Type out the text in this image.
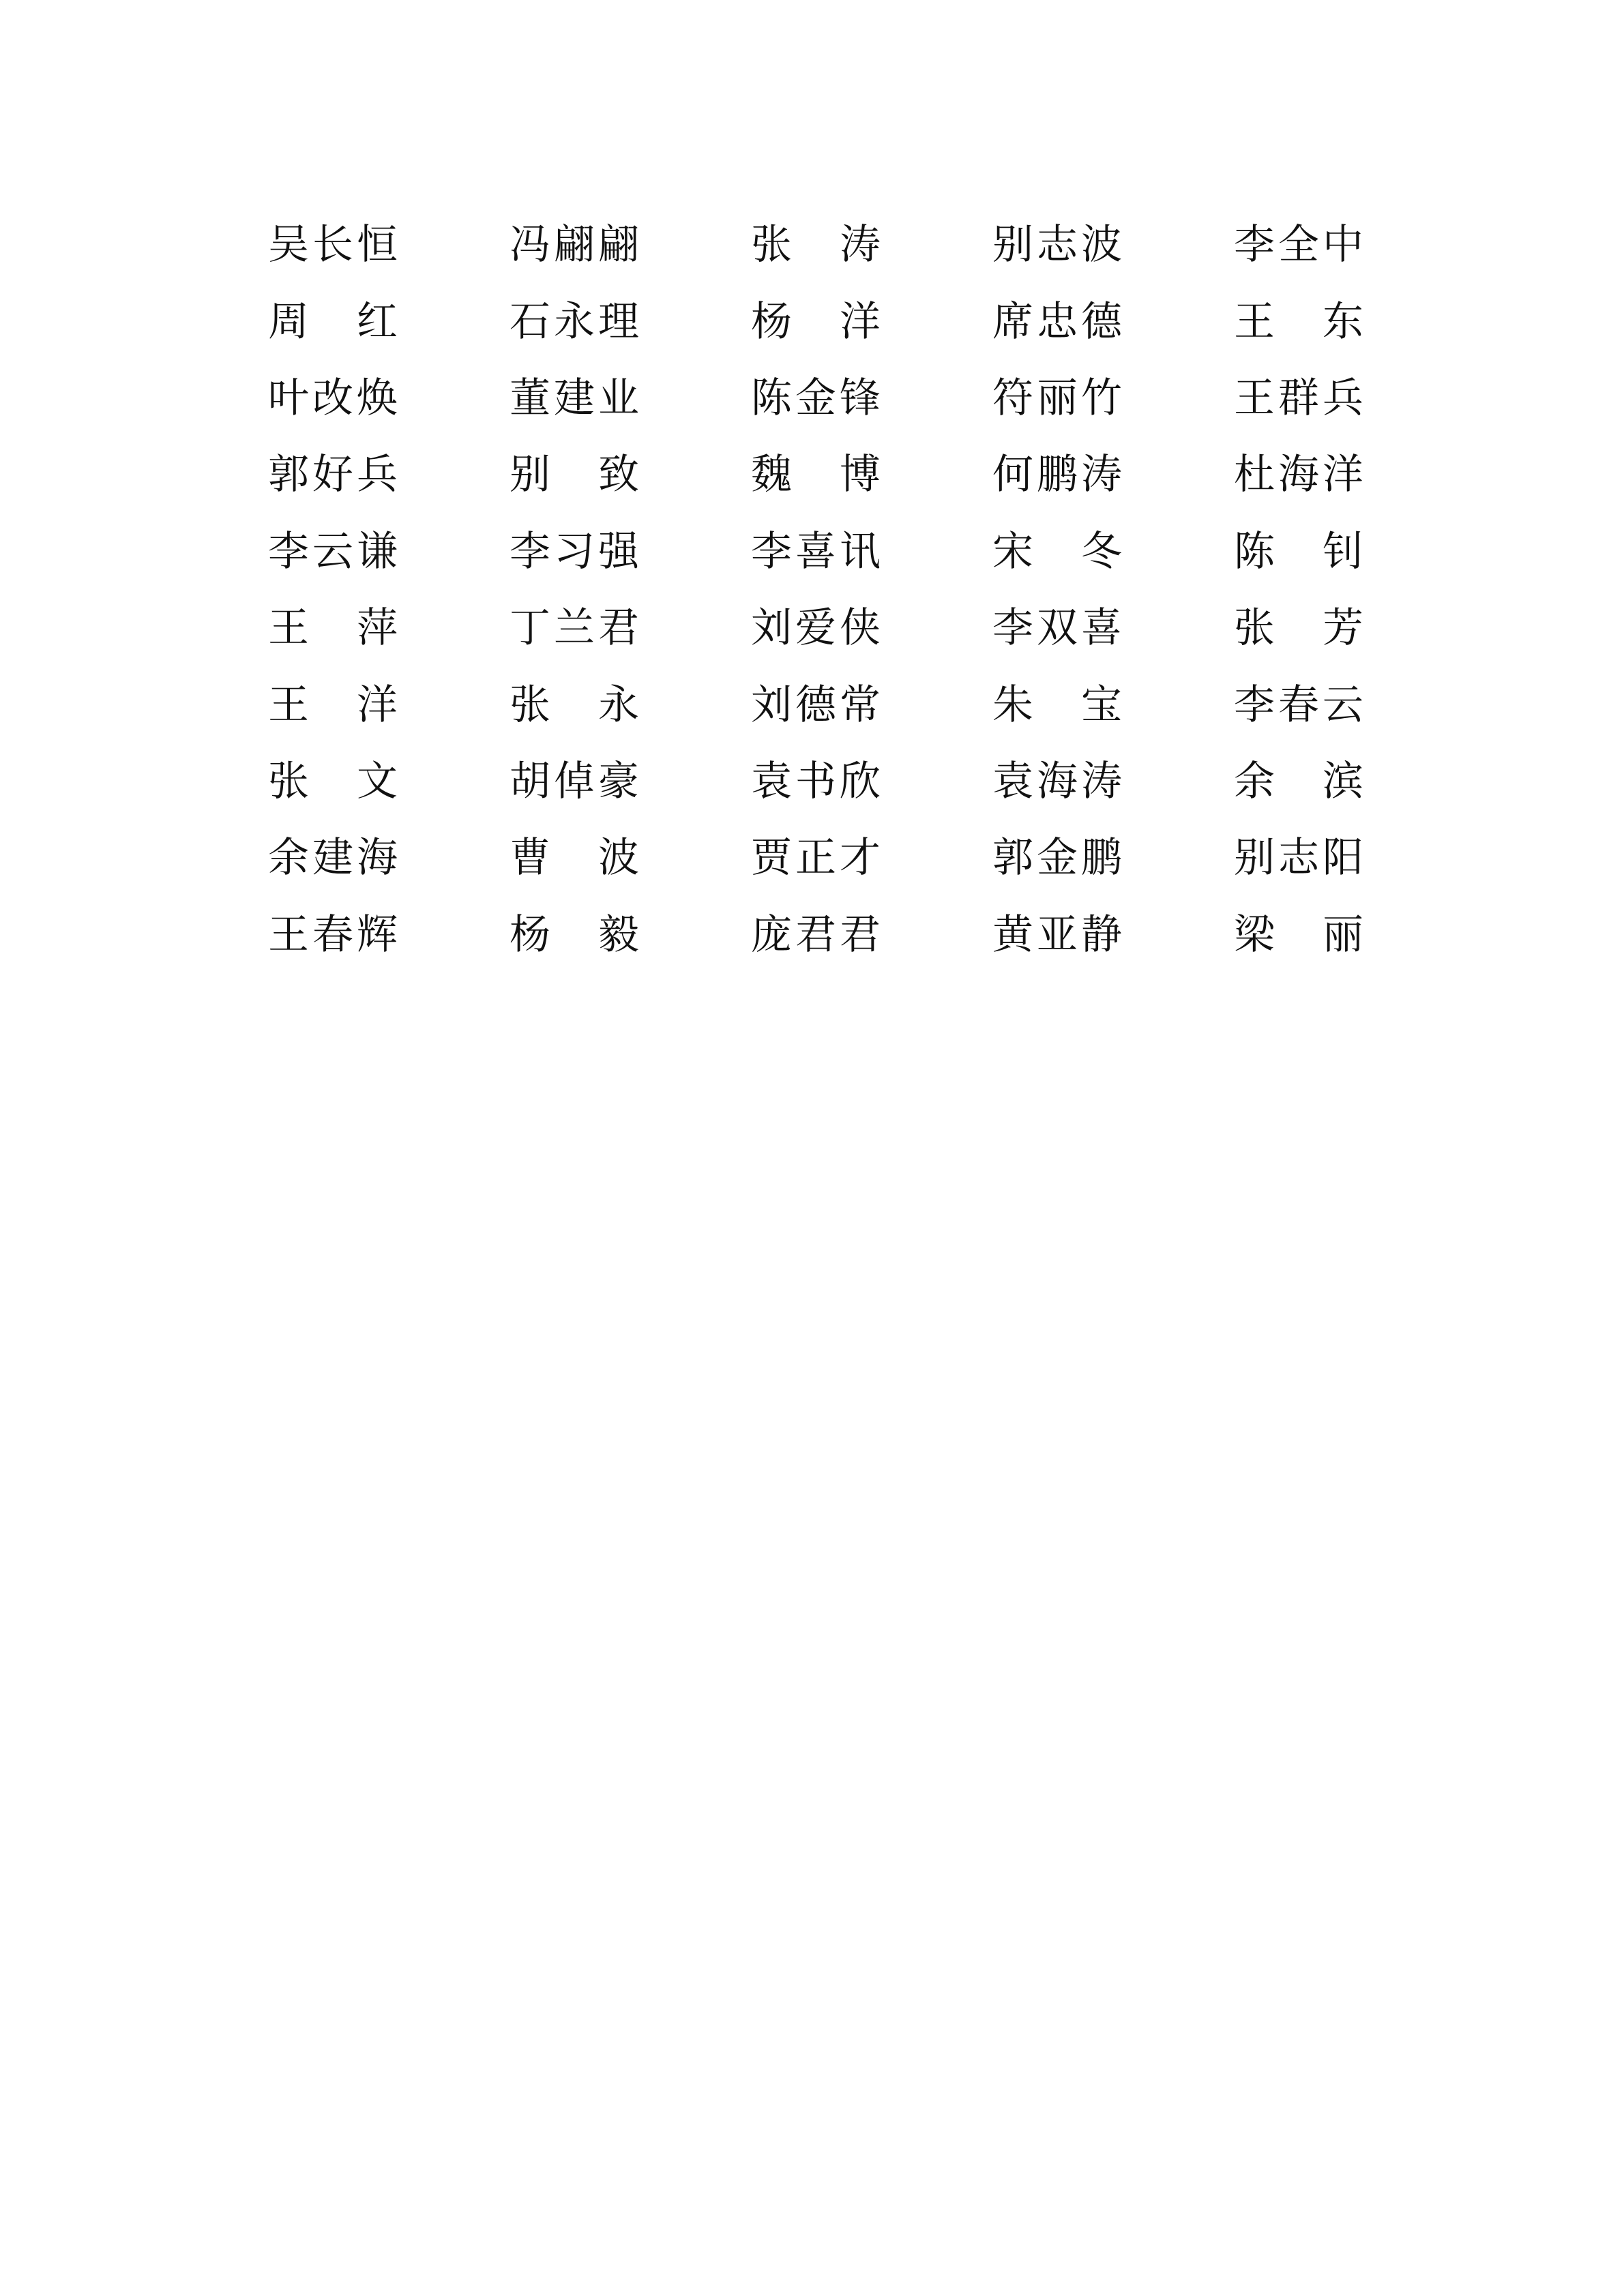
吴 长 恒	冯 翩 翩	张 涛	别 志 波	李 全 中
周 红	石 永 理	杨 洋	席 忠 德	王 东
叶 改 焕	董 建 业	陈 金 锋	符 丽 竹	王 群 兵
郭 好 兵	别 致	魏 博	何 鹏 涛	杜 海 洋
李 云 谦	李 习 强	李 喜 讯	宋 冬	陈 钊
王 萍	丁 兰 君	刘 爱 侠	李 双 喜	张 芳
王 洋	张 永	刘 德 常	朱 宝	李 春 云
张 文	胡 倬 豪	袁 书 欣	袁 海 涛	余 滨
余 建 海	曹 波	贾 正 才	郭 金 鹏	别 志 阳
王 春 辉	杨 毅	庞 君 君	黄 亚 静	梁 丽
